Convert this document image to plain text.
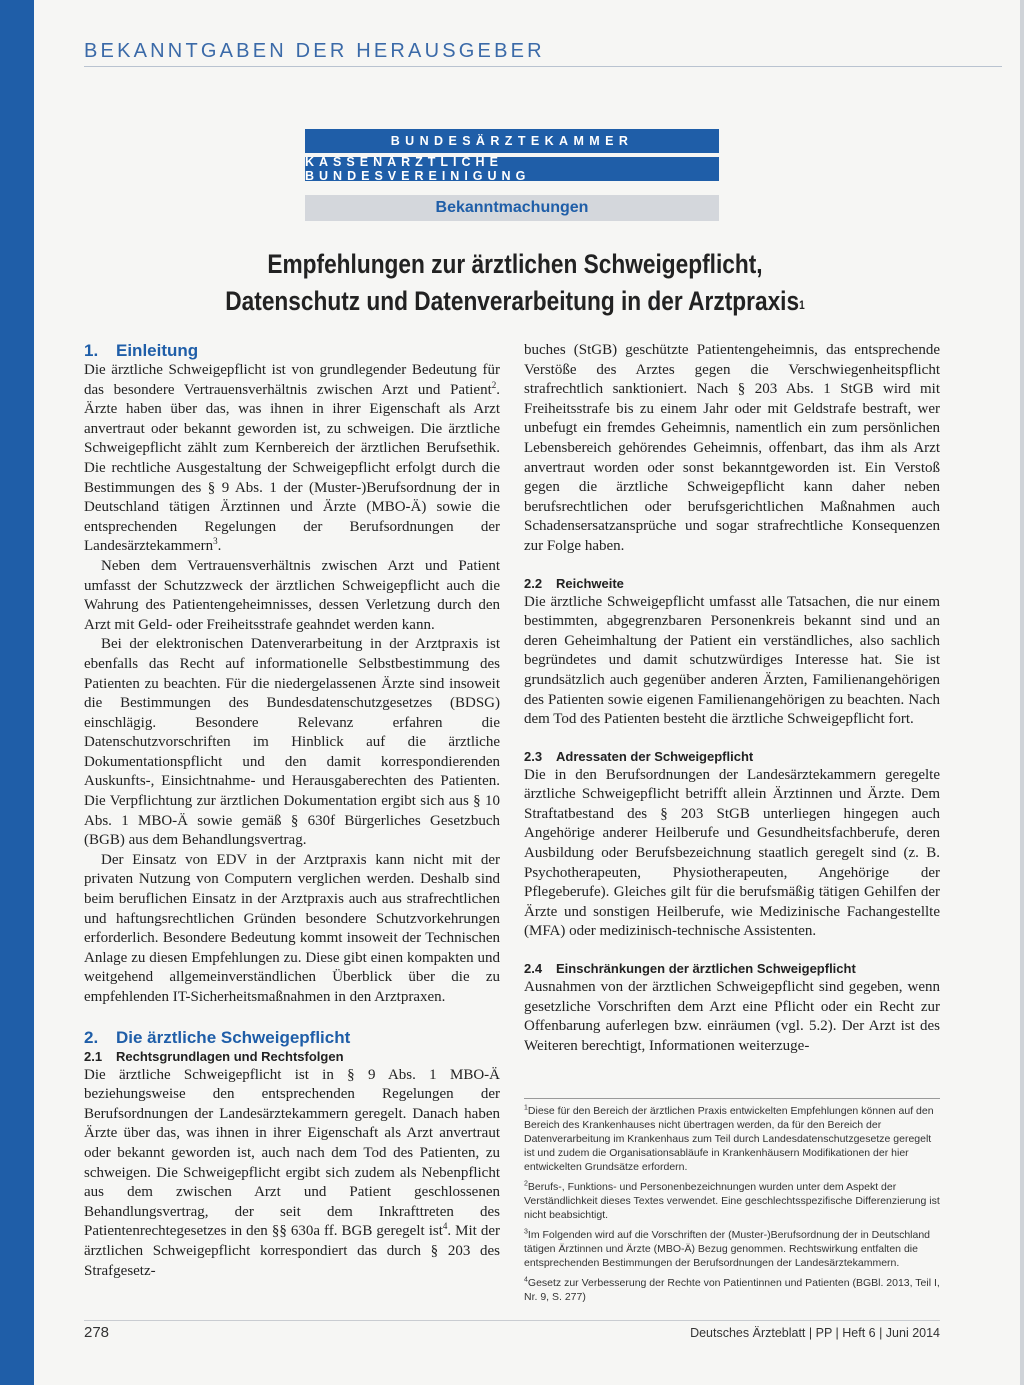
BEKANNTGABEN DER HERAUSGEBER
BUNDESÄRZTEKAMMER
KASSENÄRZTLICHE BUNDESVEREINIGUNG
Bekanntmachungen
Empfehlungen zur ärztlichen Schweigepflicht,
Datenschutz und Datenverarbeitung in der Arztpraxis$^1$
1. Einleitung

Die ärztliche Schweigepflicht ist von grundlegender Bedeutung für das besondere Vertrauensverhältnis zwischen Arzt und Patient$^2$. Ärzte haben über das, was ihnen in ihrer Eigenschaft als Arzt anvertraut oder bekannt geworden ist, zu schweigen. Die ärztliche Schweigepflicht zählt zum Kernbereich der ärztlichen Berufsethik. Die rechtliche Ausgestaltung der Schweigepflicht erfolgt durch die Bestimmungen des § 9 Abs. 1 der (Muster-)Berufsordnung der in Deutschland tätigen Ärztinnen und Ärzte (MBO-Ä) sowie die entsprechenden Regelungen der Berufsordnungen der Landesärztekammern$^3$.

Neben dem Vertrauensverhältnis zwischen Arzt und Patient umfasst der Schutzzweck der ärztlichen Schweigepflicht auch die Wahrung des Patientengeheimnisses, dessen Verletzung durch den Arzt mit Geld- oder Freiheitsstrafe geahndet werden kann.

Bei der elektronischen Datenverarbeitung in der Arztpraxis ist ebenfalls das Recht auf informationelle Selbstbestimmung des Patienten zu beachten. Für die niedergelassenen Ärzte sind insoweit die Bestimmungen des Bundesdatenschutzgesetzes (BDSG) einschlägig. Besondere Relevanz erfahren die Datenschutzvorschriften im Hinblick auf die ärztliche Dokumentationspflicht und den damit korrespondierenden Auskunfts-, Einsichtnahme- und Herausgaberechten des Patienten. Die Verpflichtung zur ärztlichen Dokumentation ergibt sich aus § 10 Abs. 1 MBO-Ä sowie gemäß § 630f Bürgerliches Gesetzbuch (BGB) aus dem Behandlungsvertrag.

Der Einsatz von EDV in der Arztpraxis kann nicht mit der privaten Nutzung von Computern verglichen werden. Deshalb sind beim beruflichen Einsatz in der Arztpraxis auch aus strafrechtlichen und haftungsrechtlichen Gründen besondere Schutzvorkehrungen erforderlich. Besondere Bedeutung kommt insoweit der Technischen Anlage zu diesen Empfehlungen zu. Diese gibt einen kompakten und weitgehend allgemeinverständlichen Überblick über die zu empfehlenden IT-Sicherheitsmaßnahmen in den Arztpraxen.

2. Die ärztliche Schweigepflicht
2.1 Rechtsgrundlagen und Rechtsfolgen

Die ärztliche Schweigepflicht ist in § 9 Abs. 1 MBO-Ä beziehungsweise den entsprechenden Regelungen der Berufsordnungen der Landesärztekammern geregelt. Danach haben Ärzte über das, was ihnen in ihrer Eigenschaft als Arzt anvertraut oder bekannt geworden ist, auch nach dem Tod des Patienten, zu schweigen. Die Schweigepflicht ergibt sich zudem als Nebenpflicht aus dem zwischen Arzt und Patient geschlossenen Behandlungsvertrag, der seit dem Inkrafttreten des Patientenrechtegesetzes in den §§ 630a ff. BGB geregelt ist$^4$. Mit der ärztlichen Schweigepflicht korrespondiert das durch § 203 des Strafgesetz-

buches (StGB) geschützte Patientengeheimnis, das entsprechende Verstöße des Arztes gegen die Verschwiegenheitspflicht strafrechtlich sanktioniert. Nach § 203 Abs. 1 StGB wird mit Freiheitsstrafe bis zu einem Jahr oder mit Geldstrafe bestraft, wer unbefugt ein fremdes Geheimnis, namentlich ein zum persönlichen Lebensbereich gehörendes Geheimnis, offenbart, das ihm als Arzt anvertraut worden oder sonst bekanntgeworden ist. Ein Verstoß gegen die ärztliche Schweigepflicht kann daher neben berufsrechtlichen oder berufsgerichtlichen Maßnahmen auch Schadensersatzansprüche und sogar strafrechtliche Konsequenzen zur Folge haben.

2.2 Reichweite

Die ärztliche Schweigepflicht umfasst alle Tatsachen, die nur einem bestimmten, abgegrenzbaren Personenkreis bekannt sind und an deren Geheimhaltung der Patient ein verständliches, also sachlich begründetes und damit schutzwürdiges Interesse hat. Sie ist grundsätzlich auch gegenüber anderen Ärzten, Familienangehörigen des Patienten sowie eigenen Familienangehörigen zu beachten. Nach dem Tod des Patienten besteht die ärztliche Schweigepflicht fort.

2.3 Adressaten der Schweigepflicht

Die in den Berufsordnungen der Landesärztekammern geregelte ärztliche Schweigepflicht betrifft allein Ärztinnen und Ärzte. Dem Straftatbestand des § 203 StGB unterliegen hingegen auch Angehörige anderer Heilberufe und Gesundheitsfachberufe, deren Ausbildung oder Berufsbezeichnung staatlich geregelt sind (z. B. Psychotherapeuten, Physiotherapeuten, Angehörige der Pflegeberufe). Gleiches gilt für die berufsmäßig tätigen Gehilfen der Ärzte und sonstigen Heilberufe, wie Medizinische Fachangestellte (MFA) oder medizinisch-technische Assistenten.

2.4 Einschränkungen der ärztlichen Schweigepflicht

Ausnahmen von der ärztlichen Schweigepflicht sind gegeben, wenn gesetzliche Vorschriften dem Arzt eine Pflicht oder ein Recht zur Offenbarung auferlegen bzw. einräumen (vgl. 5.2). Der Arzt ist des Weiteren berechtigt, Informationen weiterzuge-

$^1$Diese für den Bereich der ärztlichen Praxis entwickelten Empfehlungen können auf den Bereich des Krankenhauses nicht übertragen werden, da für den Bereich der Datenverarbeitung im Krankenhaus zum Teil durch Landesdatenschutzgesetze geregelt ist und zudem die Organisationsabläufe in Krankenhäusern Modifikationen der hier entwickelten Grundsätze erfordern.

$^2$Berufs-, Funktions- und Personenbezeichnungen wurden unter dem Aspekt der Verständlichkeit dieses Textes verwendet. Eine geschlechtsspezifische Differenzierung ist nicht beabsichtigt.

$^3$Im Folgenden wird auf die Vorschriften der (Muster-)Berufsordnung der in Deutschland tätigen Ärztinnen und Ärzte (MBO-Ä) Bezug genommen. Rechtswirkung entfalten die entsprechenden Bestimmungen der Berufsordnungen der Landesärztekammern.

$^4$Gesetz zur Verbesserung der Rechte von Patientinnen und Patienten (BGBl. 2013, Teil I, Nr. 9, S. 277)

278	Deutsches Ärzteblatt | PP | Heft 6 | Juni 2014
